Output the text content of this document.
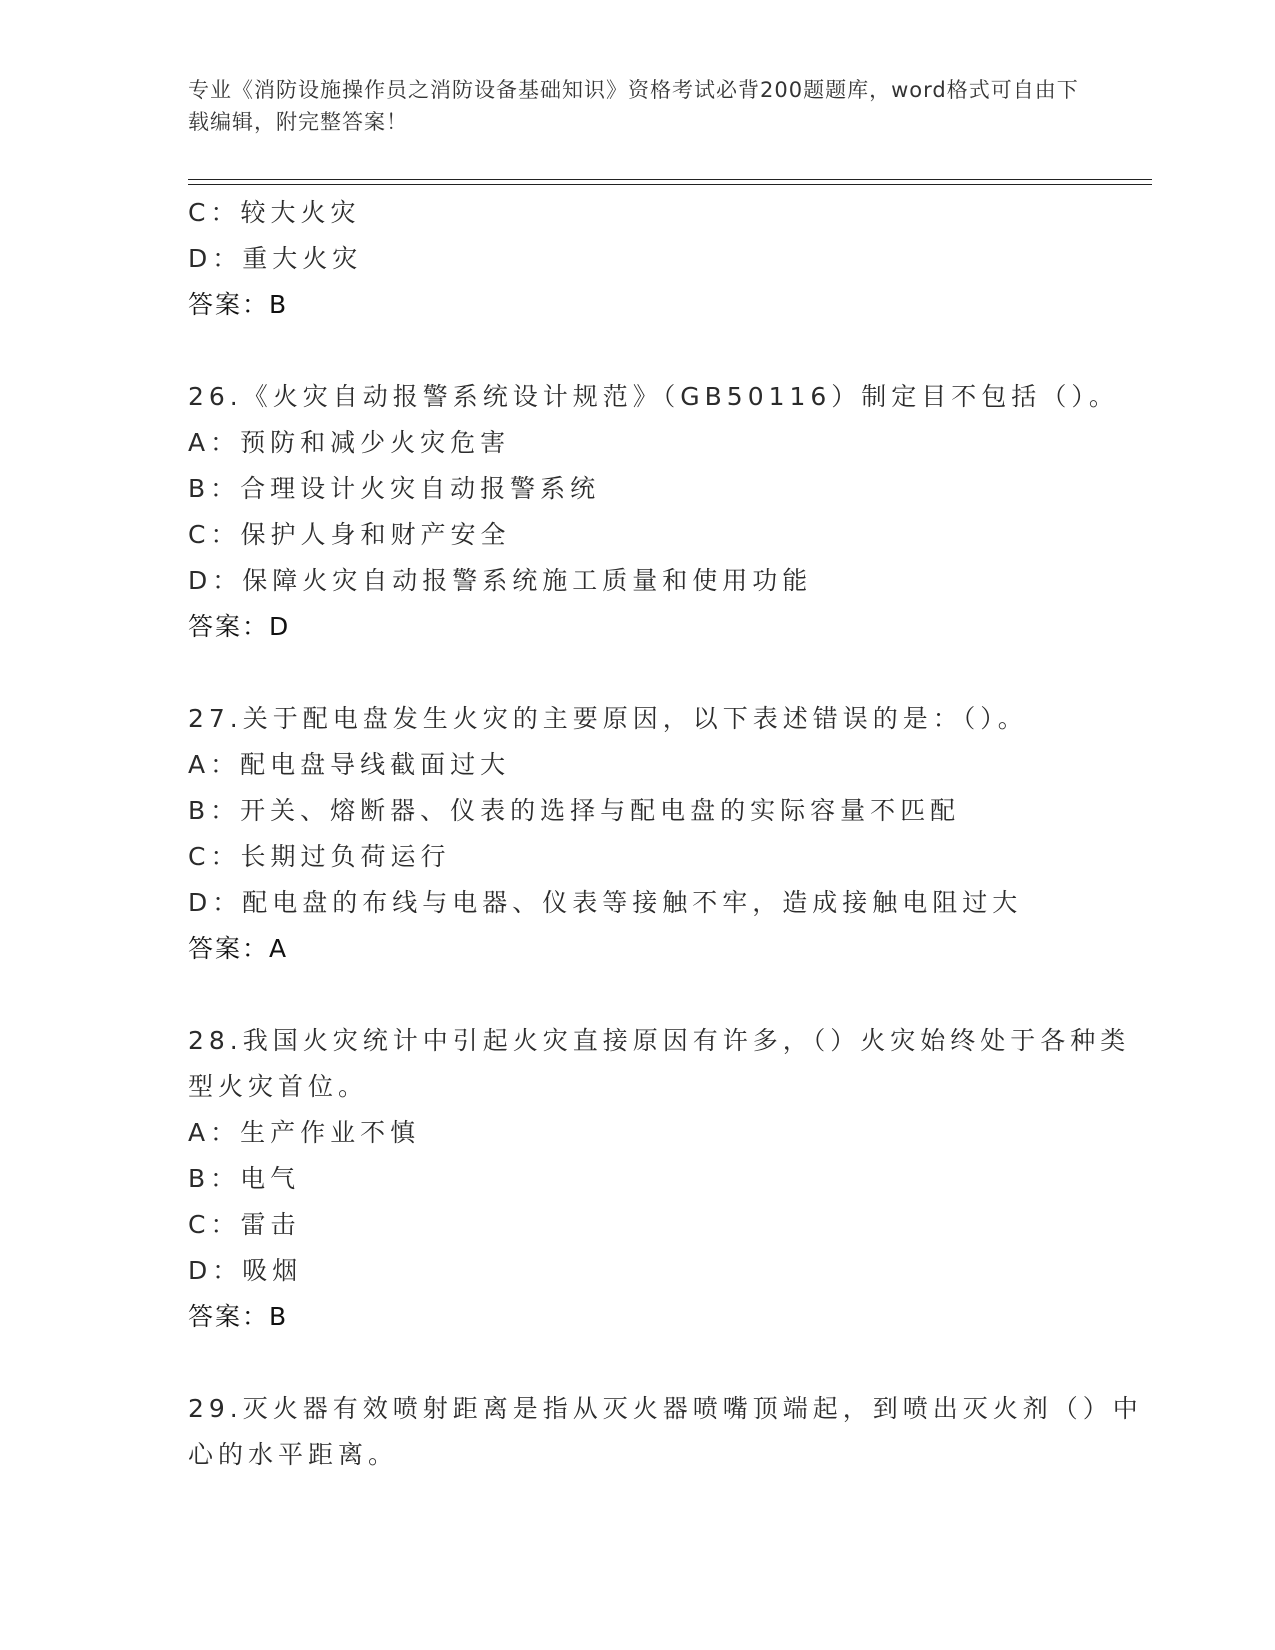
专业《消防设施操作员之消防设备基础知识》资格考试必背200题题库，word格式可自由下载编辑，附完整答案！
C：较大火灾
D：重大火灾
答案：B
26.《火灾自动报警系统设计规范》（GB50116）制定目不包括（）。
A：预防和减少火灾危害
B：合理设计火灾自动报警系统
C：保护人身和财产安全
D：保障火灾自动报警系统施工质量和使用功能
答案：D
27.关于配电盘发生火灾的主要原因，以下表述错误的是：（）。
A：配电盘导线截面过大
B：开关、熔断器、仪表的选择与配电盘的实际容量不匹配
C：长期过负荷运行
D：配电盘的布线与电器、仪表等接触不牢，造成接触电阻过大
答案：A
28.我国火灾统计中引起火灾直接原因有许多，（）火灾始终处于各种类型火灾首位。
A：生产作业不慎
B：电气
C：雷击
D：吸烟
答案：B
29.灭火器有效喷射距离是指从灭火器喷嘴顶端起，到喷出灭火剂（）中心的水平距离。
